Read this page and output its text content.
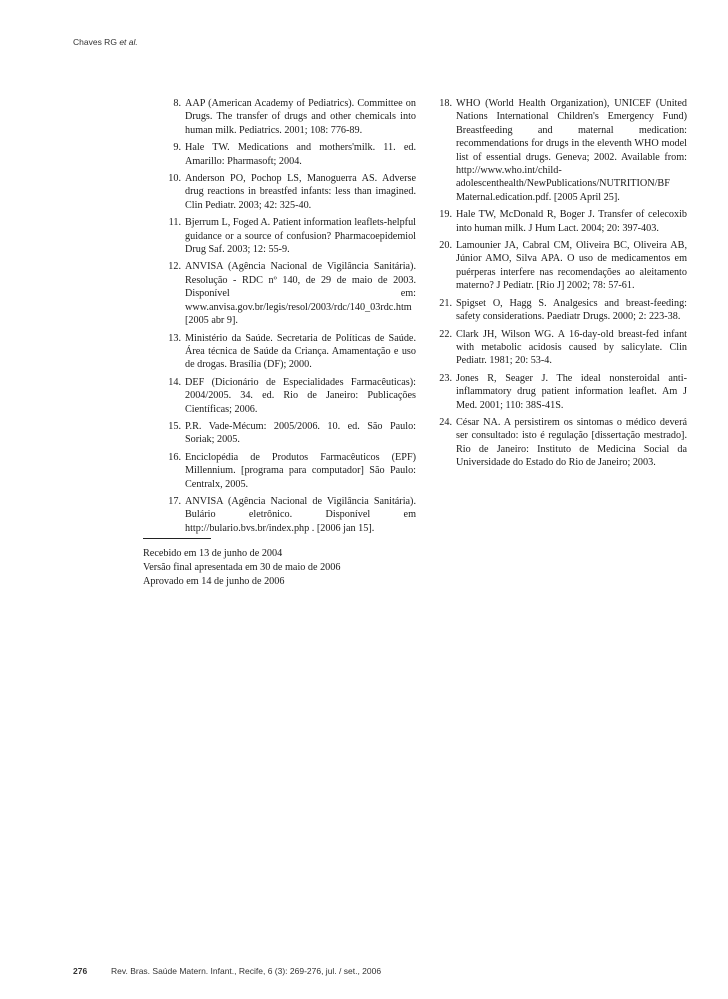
Chaves RG et al.
8. AAP (American Academy of Pediatrics). Committee on Drugs. The transfer of drugs and other chemicals into human milk. Pediatrics. 2001; 108: 776-89.
9. Hale TW. Medications and mothers'milk. 11. ed. Amarillo: Pharmasoft; 2004.
10. Anderson PO, Pochop LS, Manoguerra AS. Adverse drug reactions in breastfed infants: less than imagined. Clin Pediatr. 2003; 42: 325-40.
11. Bjerrum L, Foged A. Patient information leaflets-helpful guidance or a source of confusion? Pharmacoepidemiol Drug Saf. 2003; 12: 55-9.
12. ANVISA (Agência Nacional de Vigilância Sanitária). Resolução - RDC nº 140, de 29 de maio de 2003. Disponível em: www.anvisa.gov.br/legis/resol/2003/rdc/140_03rdc.htm [2005 abr 9].
13. Ministério da Saúde. Secretaria de Políticas de Saúde. Área técnica de Saúde da Criança. Amamentação e uso de drogas. Brasília (DF); 2000.
14. DEF (Dicionário de Especialidades Farmacêuticas): 2004/2005. 34. ed. Rio de Janeiro: Publicações Científicas; 2006.
15. P.R. Vade-Mécum: 2005/2006. 10. ed. São Paulo: Soriak; 2005.
16. Enciclopédia de Produtos Farmacêuticos (EPF) Millennium. [programa para computador] São Paulo: Centralx, 2005.
17. ANVISA (Agência Nacional de Vigilância Sanitária). Bulário eletrônico. Disponível em http://bulario.bvs.br/index.php . [2006 jan 15].
18. WHO (World Health Organization), UNICEF (United Nations International Children's Emergency Fund) Breastfeeding and maternal medication: recommendations for drugs in the eleventh WHO model list of essential drugs. Geneva; 2002. Available from: http://www.who.int/child-adolescenthealth/NewPublications/NUTRITION/BF Maternal.edication.pdf. [2005 April 25].
19. Hale TW, McDonald R, Boger J. Transfer of celecoxib into human milk. J Hum Lact. 2004; 20: 397-403.
20. Lamounier JA, Cabral CM, Oliveira BC, Oliveira AB, Júnior AMO, Silva APA. O uso de medicamentos em puérperas interfere nas recomendações ao aleitamento materno? J Pediatr. [Rio J] 2002; 78: 57-61.
21. Spigset O, Hagg S. Analgesics and breast-feeding: safety considerations. Paediatr Drugs. 2000; 2: 223-38.
22. Clark JH, Wilson WG. A 16-day-old breast-fed infant with metabolic acidosis caused by salicylate. Clin Pediatr. 1981; 20: 53-4.
23. Jones R, Seager J. The ideal nonsteroidal anti-inflammatory drug patient information leaflet. Am J Med. 2001; 110: 38S-41S.
24. César NA. A persistirem os sintomas o médico deverá ser consultado: isto é regulação [dissertação mestrado]. Rio de Janeiro: Instituto de Medicina Social da Universidade do Estado do Rio de Janeiro; 2003.
Recebido em 13 de junho de 2004
Versão final apresentada em 30 de maio de 2006
Aprovado em 14 de junho de 2006
276	Rev. Bras. Saúde Matern. Infant., Recife, 6 (3): 269-276, jul. / set., 2006
